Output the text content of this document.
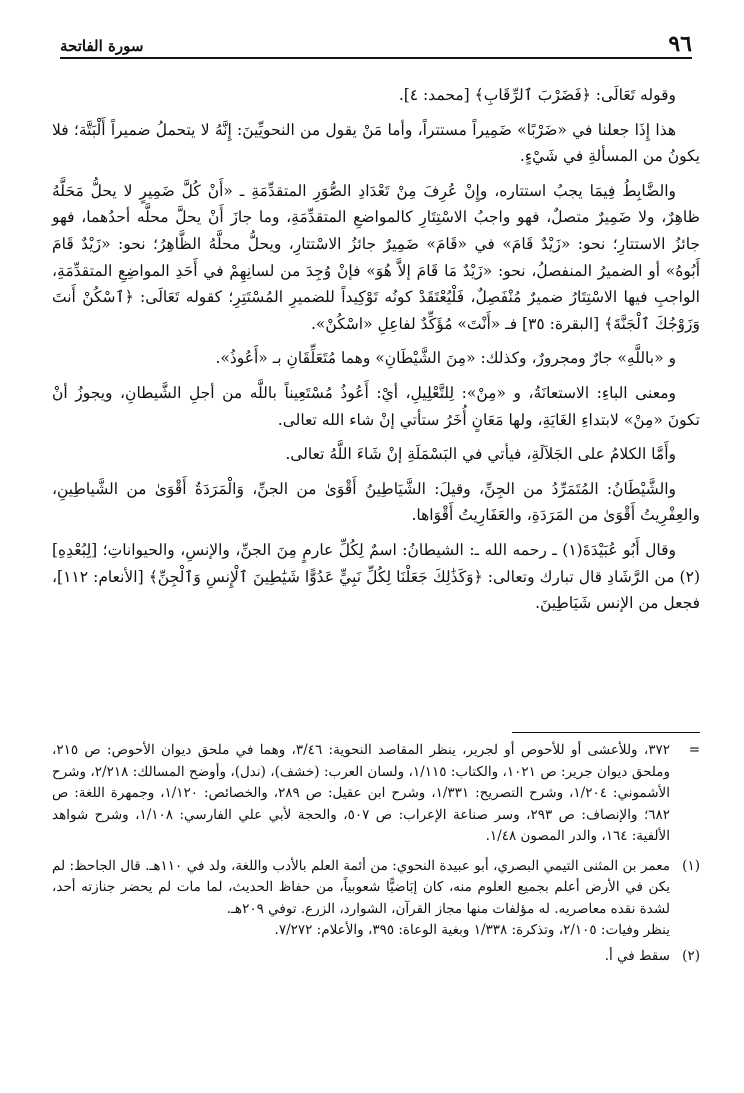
٩٦
سورة الفاتحة

وقوله تَعَالَى: ﴿فَضَرْبَ ٱلرِّقَابِ﴾ [محمد: ٤].

هذا إِذَا جعلنا في «ضَرْبًا» ضَمِيراً مستتراً، وأما مَنْ يقول من النحويِّينَ: إِنَّهُ لا يتحملُ ضميراً أَلْبَتَّة؛ فلا يكونُ من المسألةِ في شَيْءٍ.

والضَّابِطُ فِيمَا يجبُ استتاره، وإِنْ عُرِفَ مِنْ تَعْدَادِ الصُّوَرِ المتقدِّمَةِ ـ «أَنْ كُلَّ ضَمِيرٍ لا يحلُّ مَحَلَّهُ ظاهِرٌ، ولا ضَمِيرٌ متصلٌ، فهو واجبُ الاسْتِتَارِ كالمواضعِ المتقدِّمَةِ، وما جازَ أَنْ يحلَّ محلَّه أحدُهما، فهو جائزُ الاستتارِ؛ نحو: «زَيْدٌ قَامَ» في «قَامَ» ضَمِيرٌ جائزُ الاسْتتارِ، ويحلُّ محلَّهُ الظَّاهِرُ؛ نحو: «زَيْدٌ قَامَ أَبُوهُ» أو الضميرُ المنفصلُ، نحو: «زَيْدٌ مَا قَامَ إلاَّ هُوَ» فإنْ وُجِدَ من لسانِهِمْ في أَحَدِ المواضِعِ المتقدِّمَةِ، الواجبِ فيها الاسْتِتَارُ ضميرٌ مُنْفَصِلٌ، فَلْيُعْتَقَدْ كونُه تَوْكِيداً للضميرِ المُسْتَتِرِ؛ كقوله تَعَالَى: ﴿ٱسْكُنْ أَنتَ وَزَوْجُكَ ٱلْجَنَّةَ﴾ [البقرة: ٣٥] فـ «أَنْتَ» مُؤَكِّدٌ لفاعِلِ «اسْكُنْ».

و «باللَّهِ» جارٌ ومجرورٌ، وكذلك: «مِنَ الشَّيْطَانِ» وهما مُتَعَلِّقَانِ بـ «أَعُوذُ».

ومعنى الباءِ: الاستعانَةُ، و «مِنْ»: لِلتَّعْلِيلِ، أيْ: أَعُوذُ مُسْتَعِيناً باللَّه من أجلِ الشَّيطانِ، ويجوزُ أنْ تكونَ «مِنْ» لابتداءِ الغَايَةِ، ولها مَعَانٍ أُخَرُ ستأتي إنْ شاء الله تعالى.

وأَمَّا الكلامُ على الجَلاَلَةِ، فيأتي في البَسْمَلَةِ إنْ شَاءَ اللَّهُ تعالى.

والشَّيْطَانُ: المُتَمَرِّدُ من الجِنِّ، وقيلَ: الشَّيَاطِينُ أَقْوَىٰ من الجنِّ، وَالْمَرَدَةُ أَقْوَىٰ من الشَّياطِينِ، والعِفْرِيتُ أَقْوَىٰ من المَرَدَةِ، والعَفَارِيتُ أَقْوَاها.

وقال أَبُو عُبَيْدَةَ(١) ـ رحمه الله ـ: الشيطانُ: اسمٌ لِكُلِّ عارمٍ مِنَ الجنِّ، والإنسِ، والحيواناتِ؛ [لِبُعْدِهِ](٢) من الرَّشَادِ قال تبارك وتعالى: ﴿وَكَذَٰلِكَ جَعَلْنَا لِكُلِّ نَبِيٍّ عَدُوًّا شَيَٰطِينَ ٱلْإِنسِ وَٱلْجِنِّ﴾ [الأنعام: ١١٢]، فجعل من الإنس شَيَاطِينَ.

=

٣٧٢، وللأعشى أو للأحوص أو لجرير، ينظر المقاصد النحوية: ٣/٤٦، وهما في ملحق ديوان الأحوص: ص ٢١٥، وملحق ديوان جرير: ص ١٠٢١، والكتاب: ١/١١٥، ولسان العرب: (خشف)، (ندل)، وأوضح المسالك: ٢/٢١٨، وشرح الأشموني: ١/٢٠٤، وشرح التصريح: ١/٣٣١، وشرح ابن عقيل: ص ٢٨٩، والخصائص: ١/١٢٠، وجمهرة اللغة: ص ٦٨٢؛ والإنصاف: ص ٢٩٣، وسر صناعة الإعراب: ص ٥٠٧، والحجة لأبي علي الفارسي: ١/١٠٨، وشرح شواهد الألفية: ١٦٤، والدر المصون ١/٤٨.

(١)

معمر بن المثنى التيمي البصري، أبو عبيدة النحوي: من أئمة العلم بالأدب واللغة، ولد في ١١٠هـ. قال الجاحظ: لم يكن في الأرض أعلم بجميع العلوم منه، كان إبَاضيًّا شعوبياً، من حفاظ الحديث، لما مات لم يحضر جنازته أحد، لشدة نقده معاصريه. له مؤلفات منها مجاز القرآن، الشوارد، الزرع. توفي ٢٠٩هـ.

ينظر وفيات: ٢/١٠٥، وتذكرة: ١/٣٣٨ وبغية الوعاة: ٣٩٥، والأعلام: ٧/٢٧٢.

(٢)

سقط في أ.
